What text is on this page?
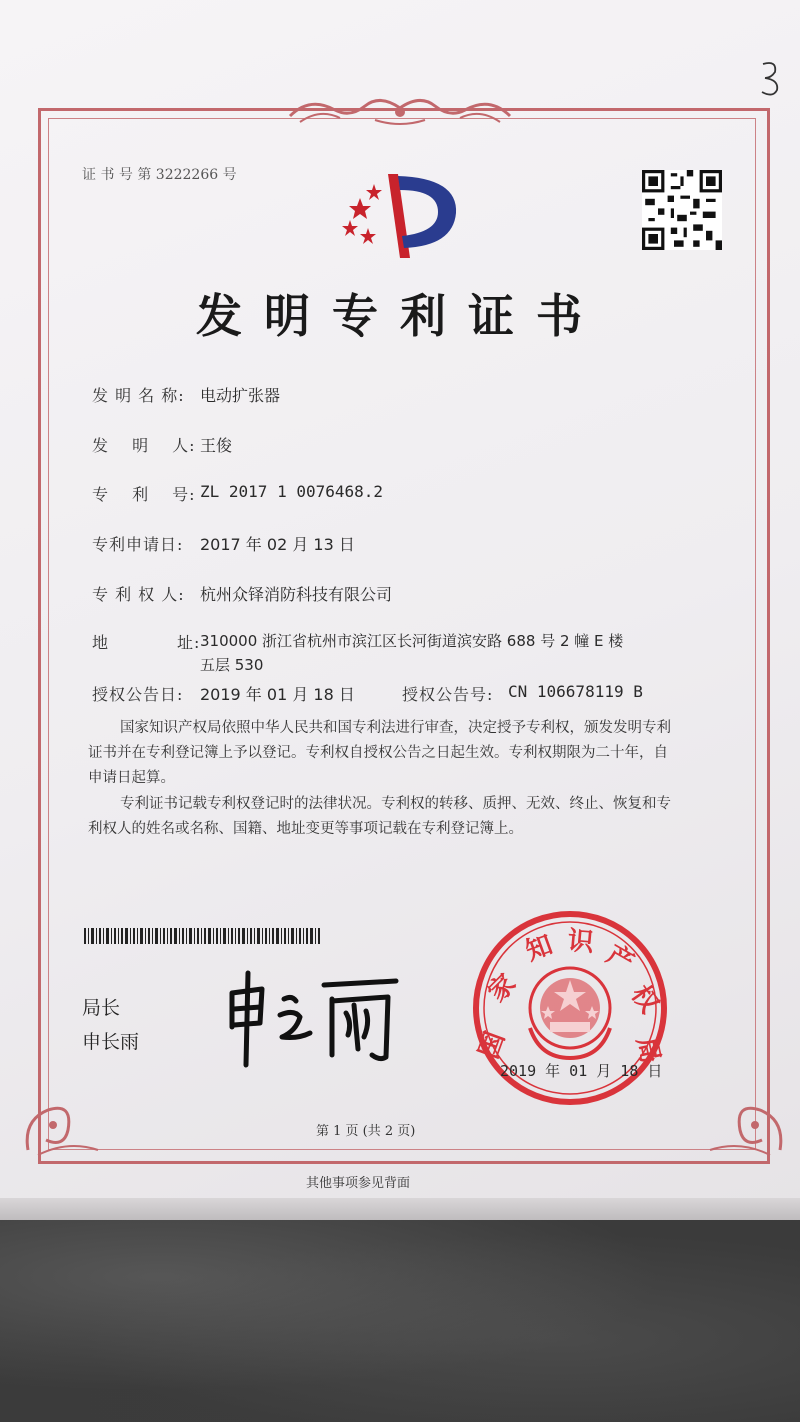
证 书 号 第 3222266 号
发明专利证书
发 明 名 称: 电动扩张器
发　 明 　人: 王俊
专　 利　 号: ZL 2017 1 0076468.2
专利申请日: 2017 年 02 月 13 日
专 利 权 人: 杭州众铎消防科技有限公司
地　　　　址: 310000 浙江省杭州市滨江区长河街道滨安路 688 号 2 幢 E 楼
五层 530
授权公告日: 2019 年 01 月 18 日	授权公告号: CN 106678119 B
国家知识产权局依照中华人民共和国专利法进行审查，决定授予专利权，颁发发明专利
证书并在专利登记簿上予以登记。专利权自授权公告之日起生效。专利权期限为二十年，自
申请日起算。
专利证书记载专利权登记时的法律状况。专利权的转移、质押、无效、终止、恢复和专
利权人的姓名或名称、国籍、地址变更等事项记载在专利登记簿上。
局长
申长雨	国
家
知 识 产
权
局
2019 年 01 月 18 日
第 1 页 (共 2 页)
其他事项参见背面
